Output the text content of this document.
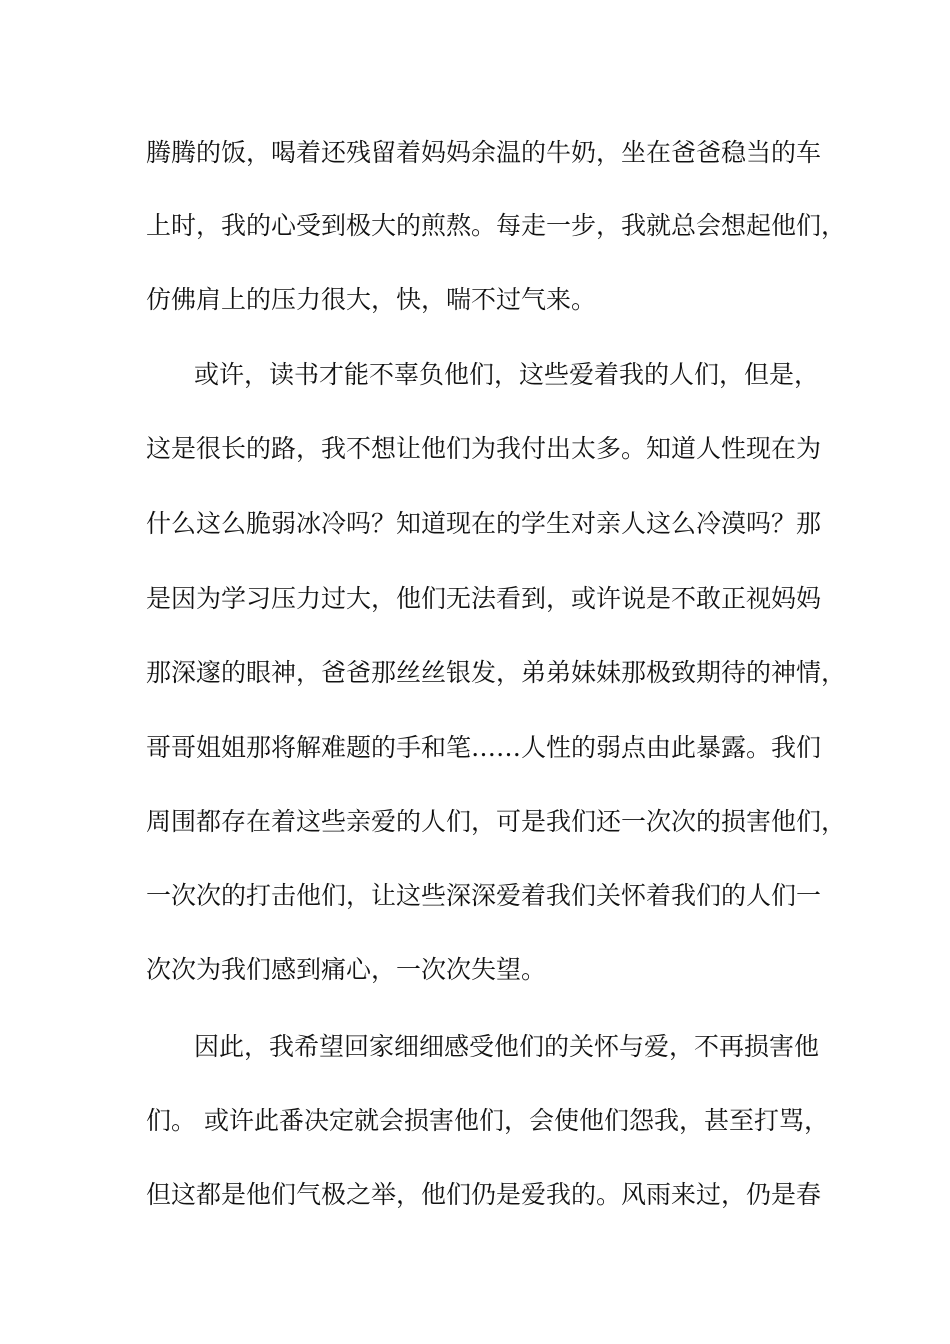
腾腾的饭，喝着还残留着妈妈余温的牛奶，坐在爸爸稳当的车
上时，我的心受到极大的煎熬。每走一步，我就总会想起他们，
仿佛肩上的压力很大，快，喘不过气来。
或许，读书才能不辜负他们，这些爱着我的人们，但是，
这是很长的路，我不想让他们为我付出太多。知道人性现在为
什么这么脆弱冰冷吗？知道现在的学生对亲人这么冷漠吗？那
是因为学习压力过大，他们无法看到，或许说是不敢正视妈妈
那深邃的眼神，爸爸那丝丝银发，弟弟妹妹那极致期待的神情，
哥哥姐姐那将解难题的手和笔……人性的弱点由此暴露。我们
周围都存在着这些亲爱的人们，可是我们还一次次的损害他们，
一次次的打击他们，让这些深深爱着我们关怀着我们的人们一
次次为我们感到痛心，一次次失望。
因此，我希望回家细细感受他们的关怀与爱，不再损害他
们。 或许此番决定就会损害他们，会使他们怨我，甚至打骂，
但这都是他们气极之举，他们仍是爱我的。风雨来过，仍是春
